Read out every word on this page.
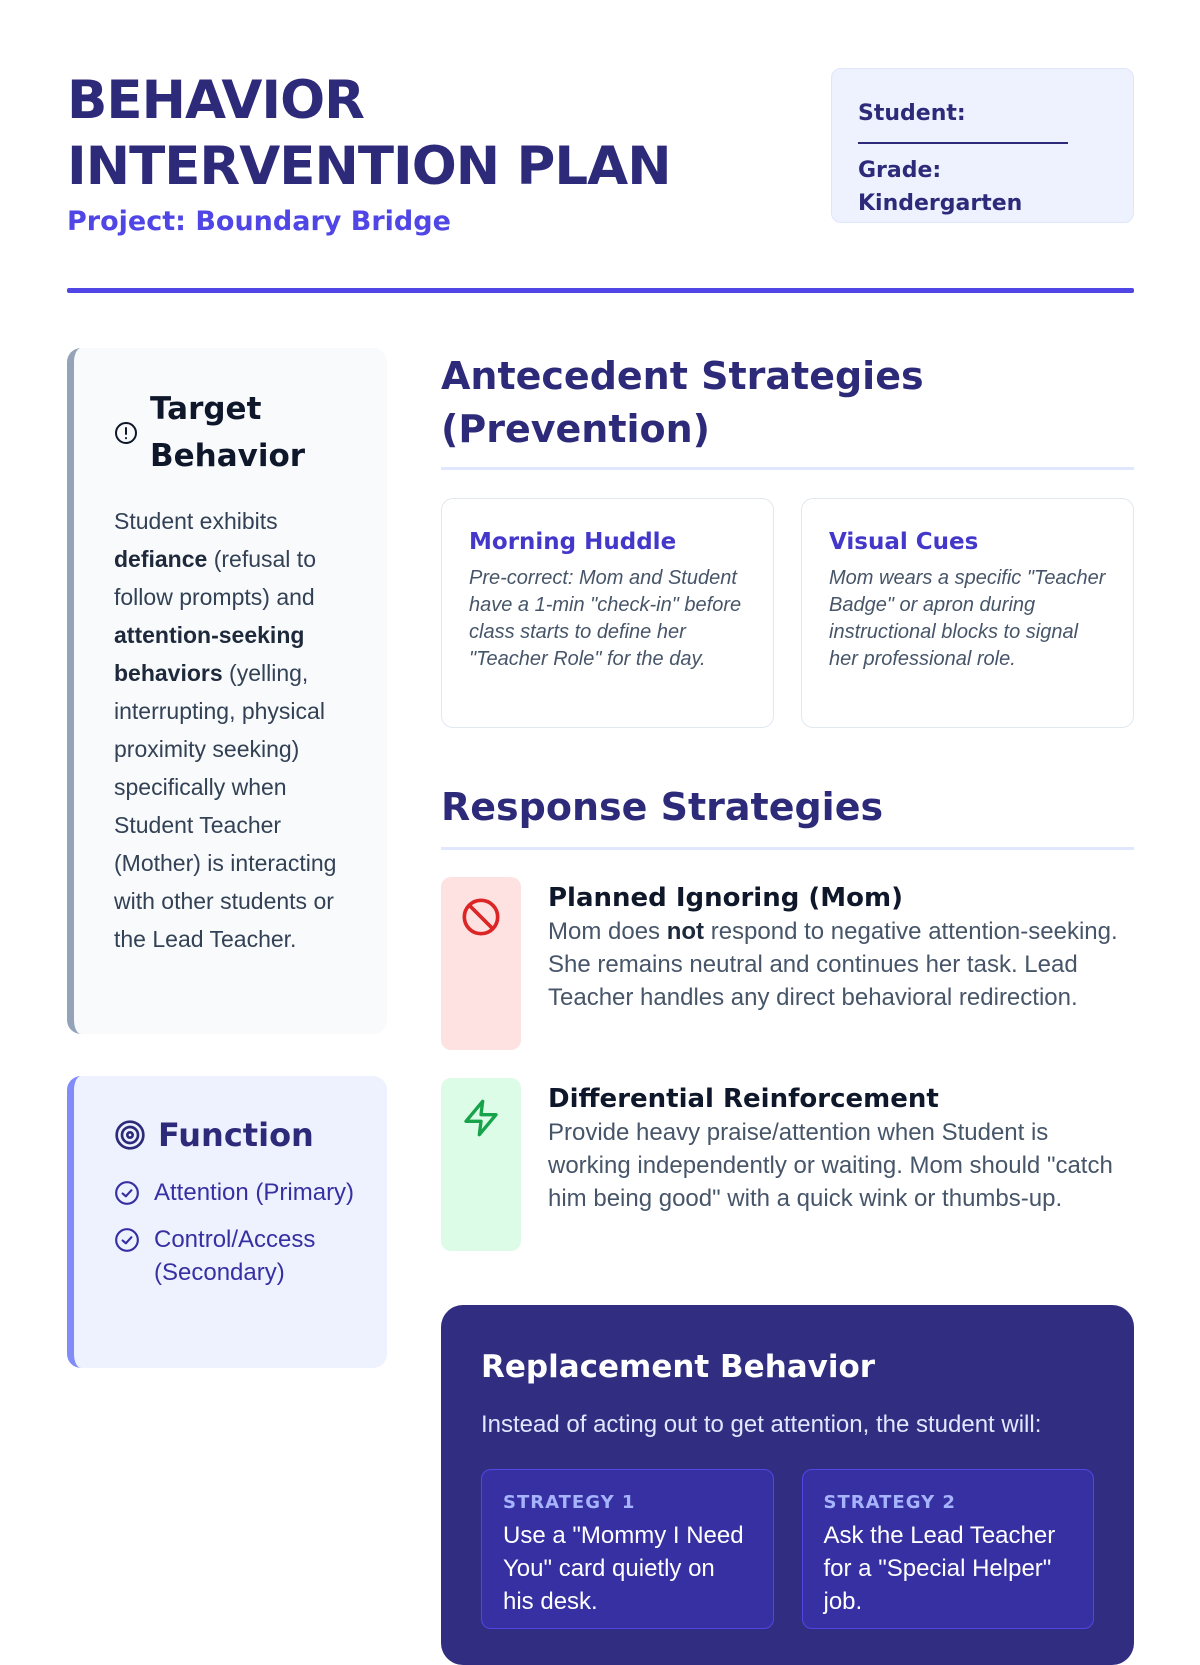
BEHAVIOR INTERVENTION PLAN
Project: Boundary Bridge
Student:
Grade: Kindergarten
Target Behavior

Student exhibits defiance (refusal to follow prompts) and attention-seeking behaviors (yelling, interrupting, physical proximity seeking) specifically when Student Teacher (Mother) is interacting with other students or the Lead Teacher.

Function
Attention (Primary)
Control/Access (Secondary)
Antecedent Strategies (Prevention)
Morning Huddle

Pre-correct: Mom and Student have a 1-min "check-in" before class starts to define her "Teacher Role" for the day.

Visual Cues

Mom wears a specific "Teacher Badge" or apron during instructional blocks to signal her professional role.

Response Strategies
Planned Ignoring (Mom)

Mom does not respond to negative attention-seeking. She remains neutral and continues her task. Lead Teacher handles any direct behavioral redirection.

Differential Reinforcement

Provide heavy praise/attention when Student is working independently or waiting. Mom should "catch him being good" with a quick wink or thumbs-up.

Replacement Behavior

Instead of acting out to get attention, the student will:

STRATEGY 1

Use a "Mommy I Need You" card quietly on his desk.

STRATEGY 2

Ask the Lead Teacher for a "Special Helper" job.
